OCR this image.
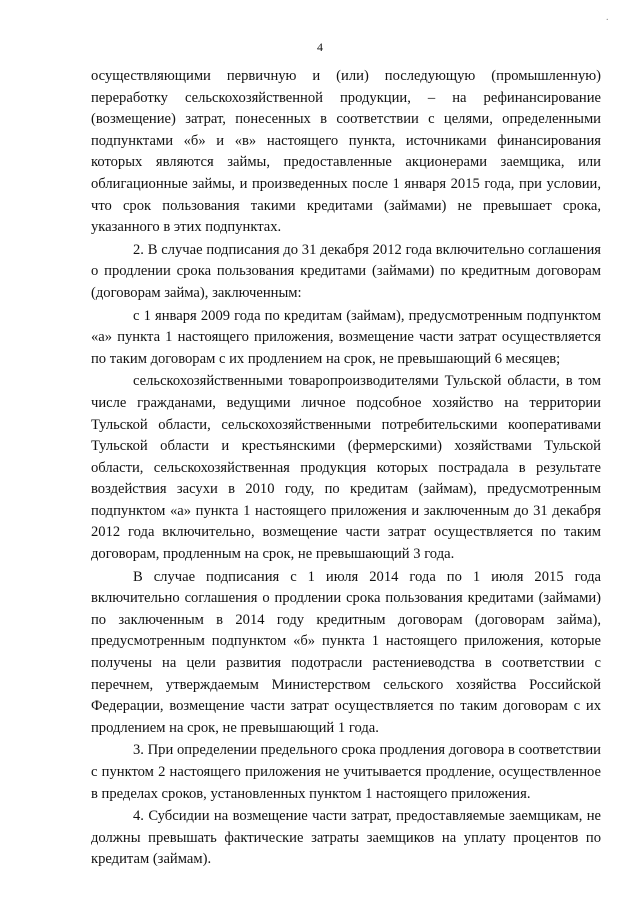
.
4

осуществляющими первичную и (или) последующую (промышленную) переработку сельскохозяйственной продукции, – на рефинансирование (возмещение) затрат, понесенных в соответствии с целями, определенными подпунктами «б» и «в» настоящего пункта, источниками финансирования которых являются займы, предоставленные акционерами заемщика, или облигационные займы, и произведенных после 1 января 2015 года, при условии, что срок пользования такими кредитами (займами) не превышает срока, указанного в этих подпунктах.

2. В случае подписания до 31 декабря 2012 года включительно соглашения о продлении срока пользования кредитами (займами) по кредитным договорам (договорам займа), заключенным:

с 1 января 2009 года по кредитам (займам), предусмотренным подпунктом «а» пункта 1 настоящего приложения, возмещение части затрат осуществляется по таким договорам с их продлением на срок, не превышающий 6 месяцев;

сельскохозяйственными товаропроизводителями Тульской области, в том числе гражданами, ведущими личное подсобное хозяйство на территории Тульской области, сельскохозяйственными потребительскими кооперативами Тульской области и крестьянскими (фермерскими) хозяйствами Тульской области, сельскохозяйственная продукция которых пострадала в результате воздействия засухи в 2010 году, по кредитам (займам), предусмотренным подпунктом «а» пункта 1 настоящего приложения и заключенным до 31 декабря 2012 года включительно, возмещение части затрат осуществляется по таким договорам, продленным на срок, не превышающий 3 года.

В случае подписания с 1 июля 2014 года по 1 июля 2015 года включительно соглашения о продлении срока пользования кредитами (займами) по заключенным в 2014 году кредитным договорам (договорам займа), предусмотренным подпунктом «б» пункта 1 настоящего приложения, которые получены на цели развития подотрасли растениеводства в соответствии с перечнем, утверждаемым Министерством сельского хозяйства Российской Федерации, возмещение части затрат осуществляется по таким договорам с их продлением на срок, не превышающий 1 года.

3. При определении предельного срока продления договора в соответствии с пунктом 2 настоящего приложения не учитывается продление, осуществленное в пределах сроков, установленных пунктом 1 настоящего приложения.

4. Субсидии на возмещение части затрат, предоставляемые заемщикам, не должны превышать фактические затраты заемщиков на уплату процентов по кредитам (займам).
